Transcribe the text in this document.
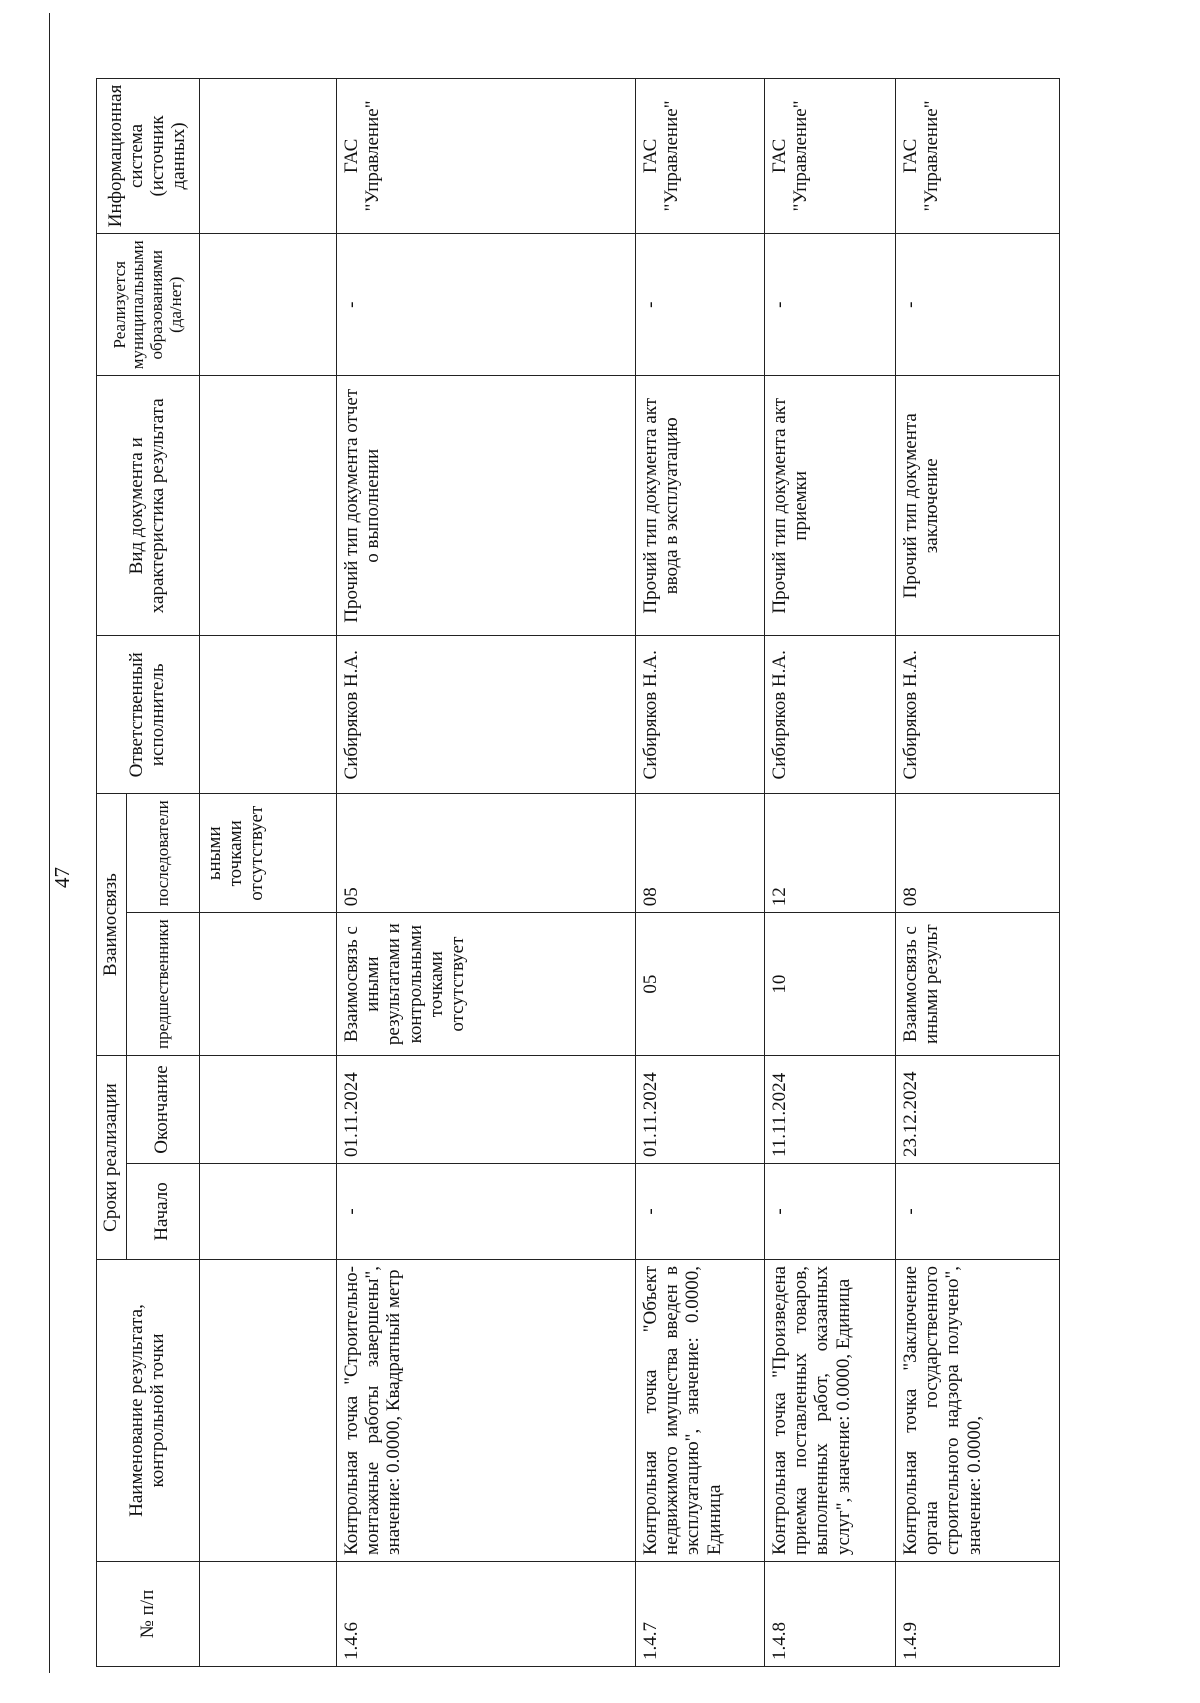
47
№ п/п	Наименование результата, контрольной точки	Сроки реализации		Взаимосвязь		Ответственный исполнитель	Вид документа и характеристика результата	Реализуется муниципальными образованиями (да/нет)	Информационная система (источник данных)
		Начало	Окончание	предшественники	последователи				
					ьными точками отсутствует				
1.4.6	Контрольная точка "Строительно-монтажные работы завершены", значение: 0.0000, Квадратный метр	-	01.11.2024	Взаимосвязь с иными результатами и контрольными точками отсутствует	05	Сибиряков Н.А.	Прочий тип документа отчет о выполнении	-	ГАС "Управление"
1.4.7	Контрольная точка "Объект недвижимого имущества введен в эксплуатацию", значение: 0.0000, Единица	-	01.11.2024	05	08	Сибиряков Н.А.	Прочий тип документа акт ввода в эксплуатацию	-	ГАС "Управление"
1.4.8	Контрольная точка "Произведена приемка поставленных товаров, выполненных работ, оказанных услуг", значение: 0.0000, Единица	-	11.11.2024	10	12	Сибиряков Н.А.	Прочий тип документа акт приемки	-	ГАС "Управление"
1.4.9	Контрольная точка "Заключение органа государственного строительного надзора получено", значение: 0.0000,	-	23.12.2024	Взаимосвязь с иными результ	08	Сибиряков Н.А.	Прочий тип документа заключение	-	ГАС "Управление"
